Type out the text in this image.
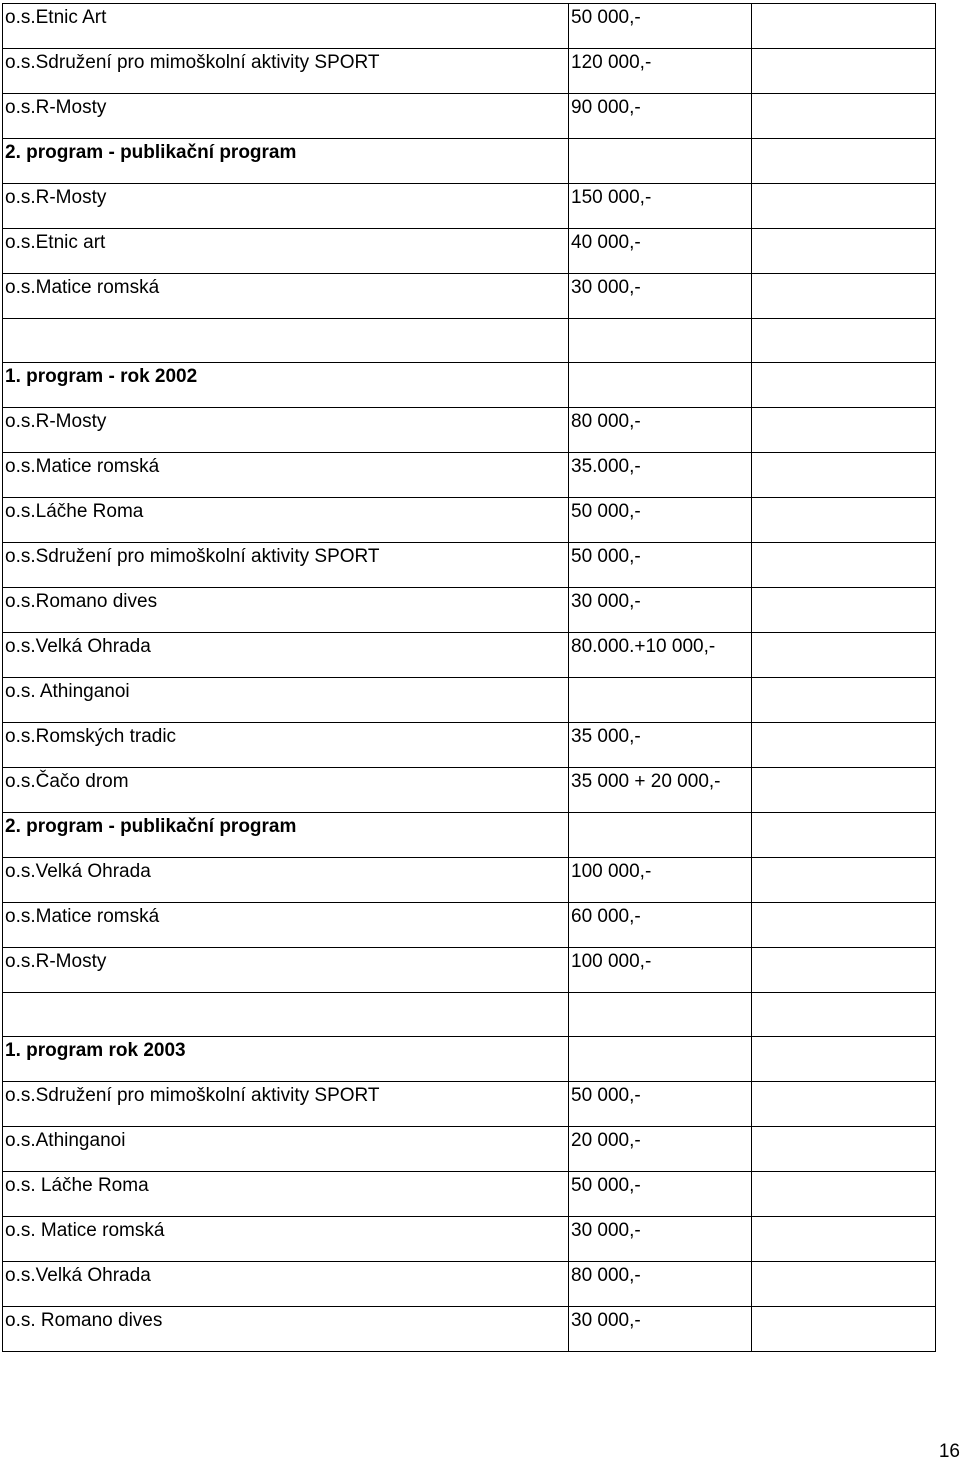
o.s.Etnic Art	50 000,-	
o.s.Sdružení pro mimoškolní aktivity SPORT	120 000,-	
o.s.R-Mosty	90 000,-	
2. program - publikační program		
o.s.R-Mosty	150 000,-	
o.s.Etnic art	40 000,-	
o.s.Matice romská	30 000,-	

1. program - rok 2002		
o.s.R-Mosty	80 000,-	
o.s.Matice romská	35.000,-	
o.s.Láčhe Roma	50 000,-	
o.s.Sdružení pro mimoškolní aktivity SPORT	50 000,-	
o.s.Romano dives	30 000,-	
o.s.Velká Ohrada	80.000.+10 000,-	
o.s. Athinganoi		
o.s.Romských tradic	35 000,-	
o.s.Čačo drom	35 000 + 20 000,-	
2. program - publikační program		
o.s.Velká Ohrada	100 000,-	
o.s.Matice romská	60 000,-	
o.s.R-Mosty	100 000,-	

1. program rok 2003		
o.s.Sdružení pro mimoškolní aktivity SPORT	50 000,-	
o.s.Athinganoi	20 000,-	
o.s. Láčhe Roma	50 000,-	
o.s. Matice romská	30 000,-	
o.s.Velká Ohrada	80 000,-	
o.s. Romano dives	30 000,-	
16
